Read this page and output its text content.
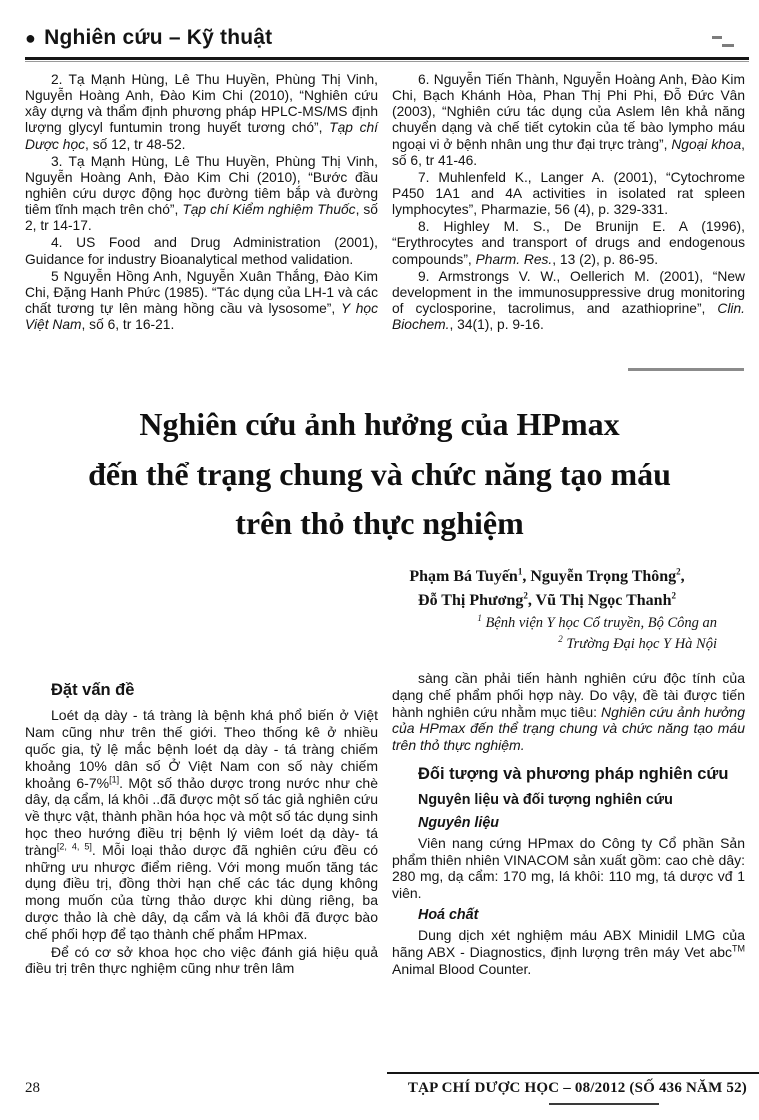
● Nghiên cứu – Kỹ thuật
2. Tạ Mạnh Hùng, Lê Thu Huyền, Phùng Thị Vinh, Nguyễn Hoàng Anh, Đào Kim Chi (2010), “Nghiên cứu xây dựng và thẩm định phương pháp HPLC-MS/MS định lượng glycyl funtumin trong huyết tương chó”, Tạp chí Dược học, số 12, tr 48-52.
3. Tạ Mạnh Hùng, Lê Thu Huyền, Phùng Thị Vinh, Nguyễn Hoàng Anh, Đào Kim Chi (2010), “Bước đầu nghiên cứu dược động học đường tiêm bắp và đường tiêm tĩnh mạch trên chó”, Tạp chí Kiểm nghiệm Thuốc, số 2, tr 14-17.
4. US Food and Drug Administration (2001), Guidance for industry Bioanalytical method validation.
5 Nguyễn Hồng Anh, Nguyễn Xuân Thắng, Đào Kim Chi, Đặng Hanh Phức (1985). “Tác dụng của LH-1 và các chất tương tự lên màng hồng cầu và lysosome”, Y học Việt Nam, số 6, tr 16-21.
6. Nguyễn Tiến Thành, Nguyễn Hoàng Anh, Đào Kim Chi, Bạch Khánh Hòa, Phan Thị Phi Phi, Đỗ Đức Vân (2003), “Nghiên cứu tác dụng của Aslem lên khả năng chuyển dạng và chế tiết cytokin của tế bào lympho máu ngoại vi ở bệnh nhân ung thư đại trực tràng”, Ngoại khoa, số 6, tr 41-46.
7. Muhlenfeld K., Langer A. (2001), “Cytochrome P450 1A1 and 4A activities in isolated rat spleen lymphocytes”, Pharmazie, 56 (4), p. 329-331.
8. Highley M. S., De Brunijn E. A (1996), “Erythrocytes and transport of drugs and endogenous compounds”, Pharm. Res., 13 (2), p. 86-95.
9. Armstrongs V. W., Oellerich M. (2001), “New development in the immunosuppressive drug monitoring of cyclosporine, tacrolimus, and azathioprine”, Clin. Biochem., 34(1), p. 9-16.
Nghiên cứu ảnh hưởng của HPmax
đến thể trạng chung và chức năng tạo máu
trên thỏ thực nghiệm
Phạm Bá Tuyến$^1$, Nguyễn Trọng Thông$^2$,
Đỗ Thị Phương$^2$, Vũ Thị Ngọc Thanh$^2$
$^1$ Bệnh viện Y học Cổ truyền, Bộ Công an
$^2$ Trường Đại học Y Hà Nội
Đặt vấn đề
Loét dạ dày - tá tràng là bệnh khá phổ biến ở Việt Nam cũng như trên thế giới. Theo thống kê ở nhiều quốc gia, tỷ lệ mắc bệnh loét dạ dày - tá tràng chiếm khoảng 10% dân số Ở Việt Nam con số này chiếm khoảng 6-7%[1]. Một số thảo dược trong nước như chè dây, dạ cẩm, lá khôi ..đã được một số tác giả nghiên cứu về thực vật, thành phần hóa học và một số tác dụng sinh học theo hướng điều trị bệnh lý viêm loét dạ dày- tá tràng[2, 4, 5]. Mỗi loại thảo dược đã nghiên cứu đều có những ưu nhược điểm riêng. Với mong muốn tăng tác dụng điều trị, đồng thời hạn chế các tác dụng không mong muốn của từng thảo dược khi dùng riêng, ba dược thảo là chè dây, dạ cẩm và lá khôi đã được bào chế phối hợp để tạo thành chế phẩm HPmax.
Để có cơ sở khoa học cho việc đánh giá hiệu quả điều trị trên thực nghiệm cũng như trên lâm
sàng cần phải tiến hành nghiên cứu độc tính của dạng chế phẩm phối hợp này. Do vậy, đề tài được tiến hành nghiên cứu nhằm mục tiêu: Nghiên cứu ảnh hưởng của HPmax đến thể trạng chung và chức năng tạo máu trên thỏ thực nghiệm.
Đối tượng và phương pháp nghiên cứu
Nguyên liệu và đối tượng nghiên cứu
Nguyên liệu
Viên nang cứng HPmax do Công ty Cổ phần Sản phẩm thiên nhiên VINACOM sản xuất gồm: cao chè dây: 280 mg, dạ cẩm: 170 mg, lá khôi: 110 mg, tá dược vđ 1 viên.
Hoá chất
Dung dịch xét nghiệm máu ABX Minidil LMG của hãng ABX - Diagnostics, định lượng trên máy Vet abc™ Animal Blood Counter.
28	TẠP CHÍ DƯỢC HỌC – 08/2012 (SỐ 436 NĂM 52)
